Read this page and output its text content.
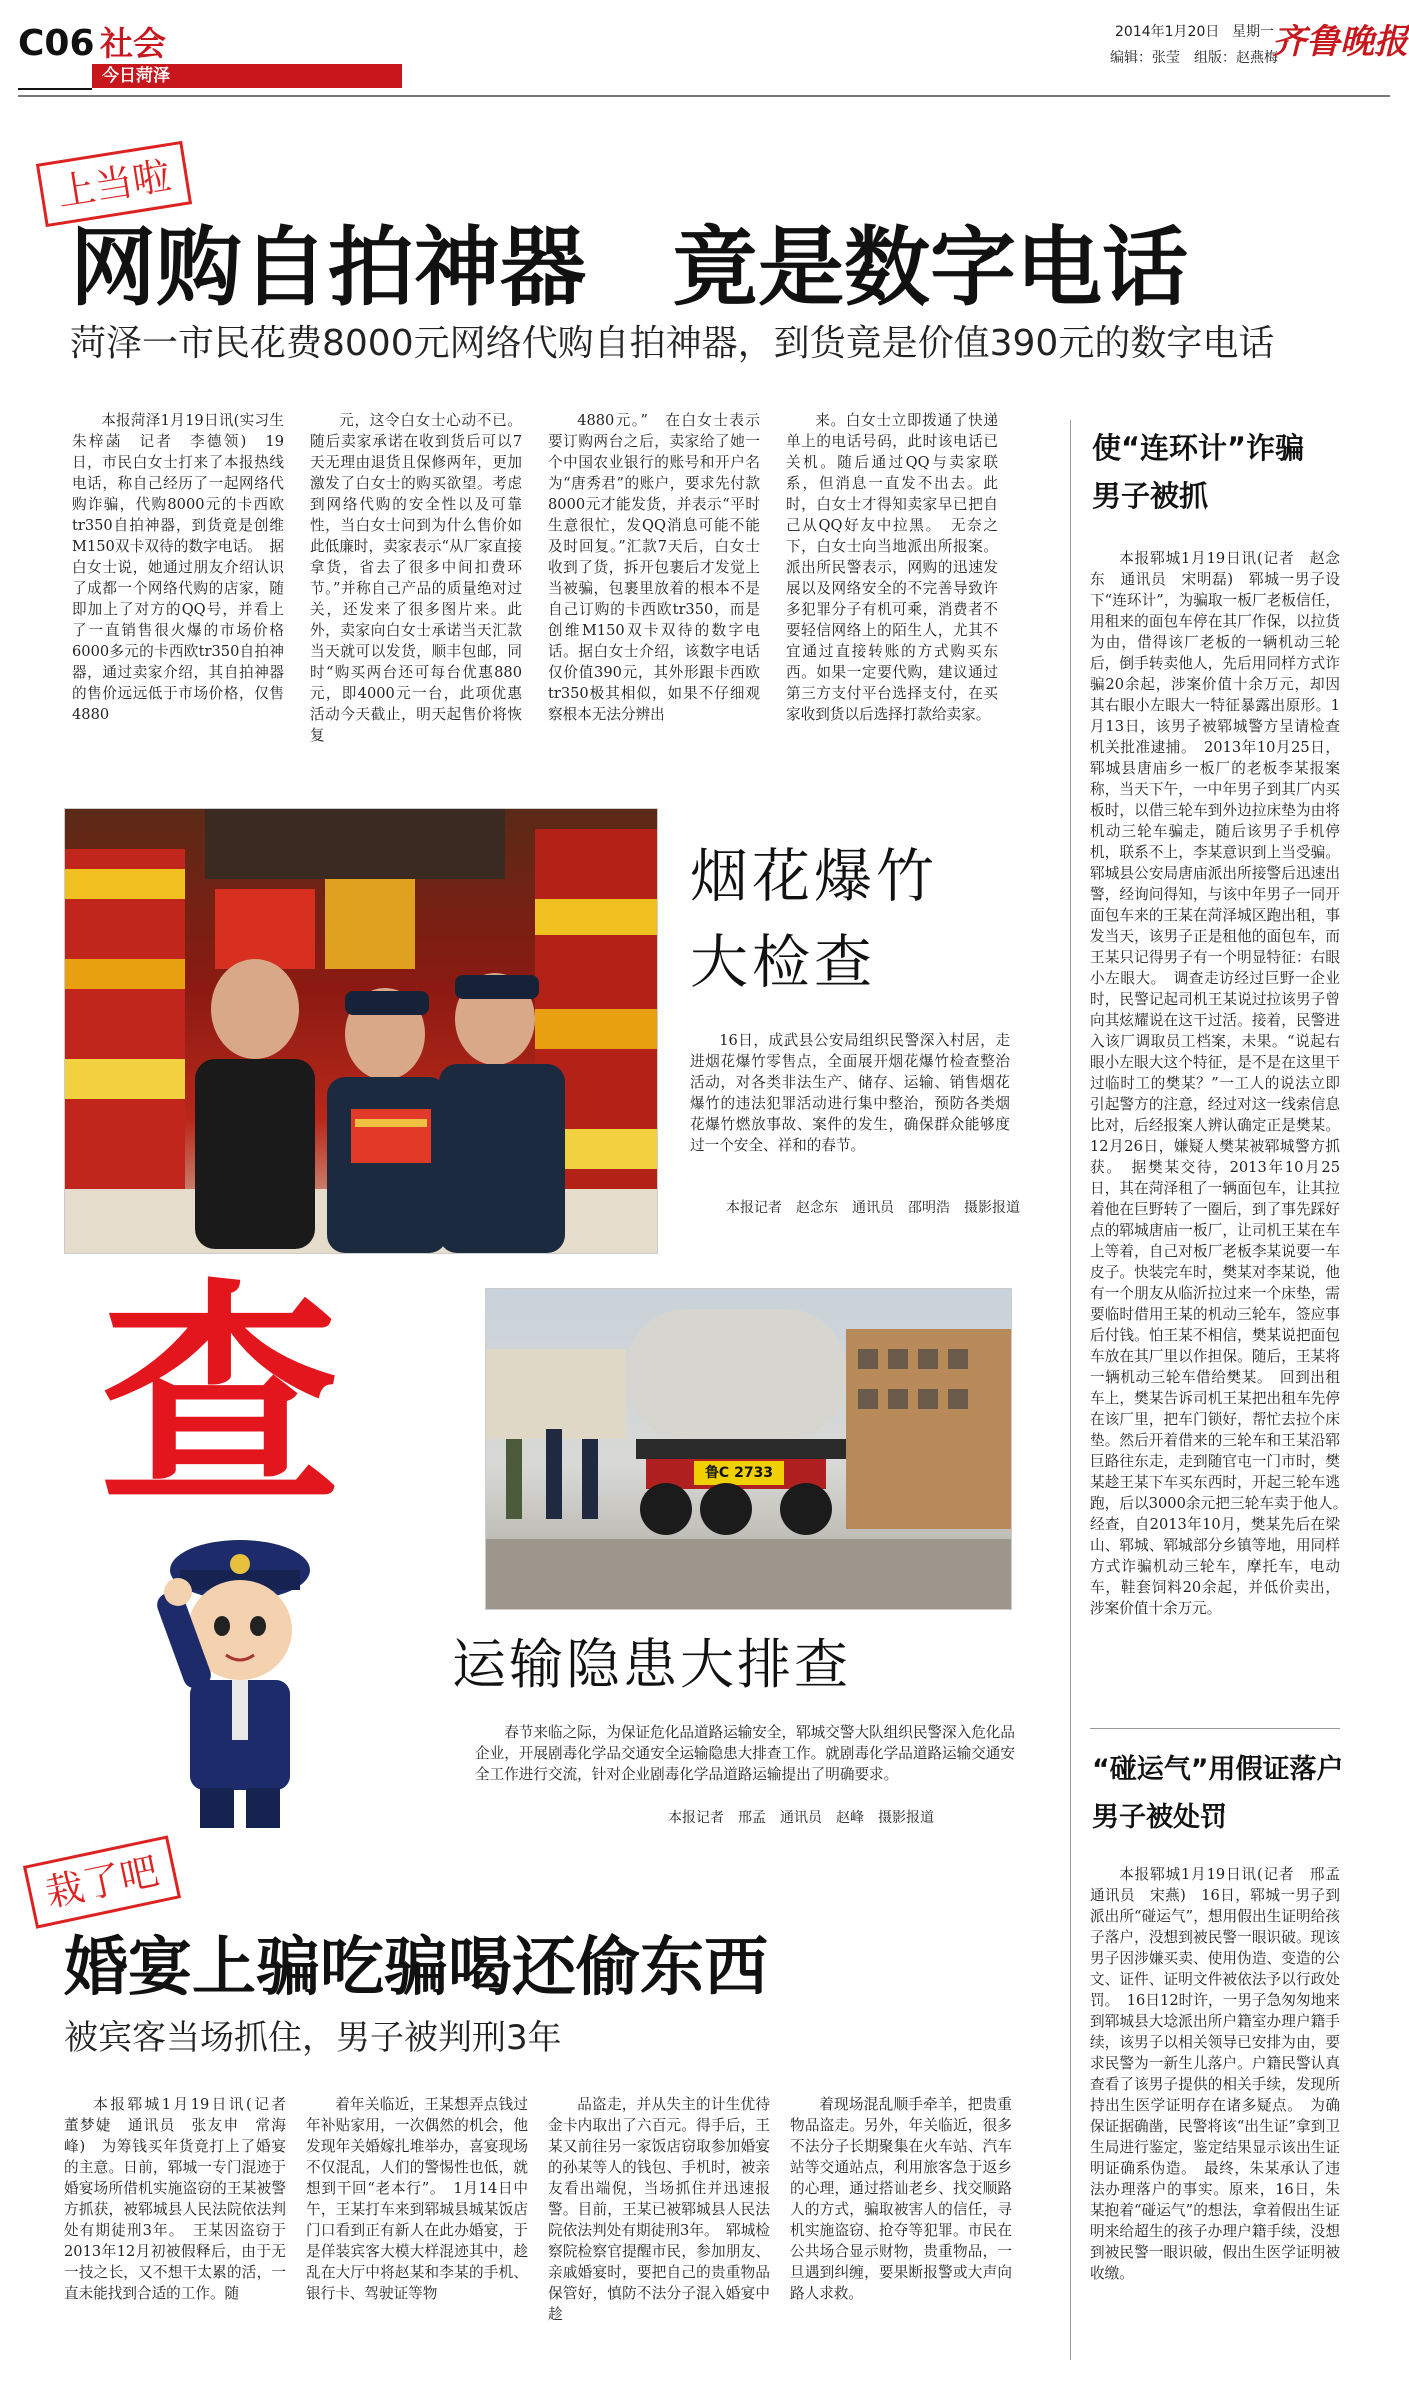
C06 社会
今日菏泽
2014年1月20日 星期一
编辑：张莹　组版：赵燕梅
齐鲁晚报
上当啦
网购自拍神器　竟是数字电话
菏泽一市民花费8000元网络代购自拍神器，到货竟是价值390元的数字电话

本报菏泽1月19日讯(实习生　朱梓菡　记者　李德领)　19日，市民白女士打来了本报热线电话，称自己经历了一起网络代购诈骗，代购8000元的卡西欧tr350自拍神器，到货竟是创维M150双卡双待的数字电话。　据白女士说，她通过朋友介绍认识了成都一个网络代购的店家，随即加上了对方的QQ号，并看上了一直销售很火爆的市场价格6000多元的卡西欧tr350自拍神器，通过卖家介绍，其自拍神器的售价远远低于市场价格，仅售4880

元，这令白女士心动不已。随后卖家承诺在收到货后可以7天无理由退货且保修两年，更加激发了白女士的购买欲望。考虑到网络代购的安全性以及可靠性，当白女士问到为什么售价如此低廉时，卖家表示“从厂家直接拿货，省去了很多中间扣费环节。”并称自己产品的质量绝对过关，还发来了很多图片来。此外，卖家向白女士承诺当天汇款当天就可以发货，顺丰包邮，同时“购买两台还可每台优惠880元，即4000元一台，此项优惠活动今天截止，明天起售价将恢复

4880元。”　在白女士表示要订购两台之后，卖家给了她一个中国农业银行的账号和开户名为“唐秀君”的账户，要求先付款8000元才能发货，并表示“平时生意很忙，发QQ消息可能不能及时回复。”汇款7天后，白女士收到了货，拆开包裹后才发觉上当被骗，包裹里放着的根本不是自己订购的卡西欧tr350，而是创维M150双卡双待的数字电话。据白女士介绍，该数字电话仅价值390元，其外形跟卡西欧tr350极其相似，如果不仔细观察根本无法分辨出

来。白女士立即拨通了快递单上的电话号码，此时该电话已关机。随后通过QQ与卖家联系，但消息一直发不出去。此时，白女士才得知卖家早已把自己从QQ好友中拉黑。　无奈之下，白女士向当地派出所报案。派出所民警表示，网购的迅速发展以及网络安全的不完善导致许多犯罪分子有机可乘，消费者不要轻信网络上的陌生人，尤其不宜通过直接转账的方式购买东西。如果一定要代购，建议通过第三方支付平台选择支付，在买家收到货以后选择打款给卖家。

烟花爆竹
大检查

16日，成武县公安局组织民警深入村居，走进烟花爆竹零售点，全面展开烟花爆竹检查整治活动，对各类非法生产、储存、运输、销售烟花爆竹的违法犯罪活动进行集中整治，预防各类烟花爆竹燃放事故、案件的发生，确保群众能够度过一个安全、祥和的春节。

本报记者　赵念东　通讯员　邵明浩　摄影报道
查	鲁C 2733
运输隐患大排查

春节来临之际，为保证危化品道路运输安全，郓城交警大队组织民警深入危化品企业，开展剧毒化学品交通安全运输隐患大排查工作。就剧毒化学品道路运输交通安全工作进行交流，针对企业剧毒化学品道路运输提出了明确要求。

本报记者　邢孟　通讯员　赵峰　摄影报道
栽了吧
婚宴上骗吃骗喝还偷东西
被宾客当场抓住，男子被判刑3年

本报郓城1月19日讯(记者　董梦婕　通讯员　张友申　常海峰)　为筹钱买年货竟打上了婚宴的主意。日前，郓城一专门混迹于婚宴场所借机实施盗窃的王某被警方抓获，被郓城县人民法院依法判处有期徒刑3年。　王某因盗窃于2013年12月初被假释后，由于无一技之长，又不想干太累的活，一直未能找到合适的工作。随

着年关临近，王某想弄点钱过年补贴家用，一次偶然的机会，他发现年关婚嫁扎堆举办，喜宴现场不仅混乱，人们的警惕性也低，就想到干回“老本行”。　1月14日中午，王某打车来到郓城县城某饭店门口看到正有新人在此办婚宴，于是佯装宾客大模大样混迹其中，趁乱在大厅中将赵某和李某的手机、银行卡、驾驶证等物

品盗走，并从失主的计生优待金卡内取出了六百元。得手后，王某又前往另一家饭店窃取参加婚宴的孙某等人的钱包、手机时，被亲友看出端倪，当场抓住并迅速报警。目前，王某已被郓城县人民法院依法判处有期徒刑3年。　郓城检察院检察官提醒市民，参加朋友、亲戚婚宴时，要把自己的贵重物品保管好，慎防不法分子混入婚宴中趁

着现场混乱顺手牵羊，把贵重物品盗走。另外，年关临近，很多不法分子长期聚集在火车站、汽车站等交通站点，利用旅客急于返乡的心理，通过搭讪老乡、找交顺路人的方式，骗取被害人的信任，寻机实施盗窃、抢夺等犯罪。市民在公共场合显示财物，贵重物品，一旦遇到纠缠，要果断报警或大声向路人求救。

使“连环计”诈骗
男子被抓

本报郓城1月19日讯(记者　赵念东　通讯员　宋明磊)　郓城一男子设下“连环计”，为骗取一板厂老板信任，用租来的面包车停在其厂作保，以拉货为由，借得该厂老板的一辆机动三轮后，倒手转卖他人，先后用同样方式诈骗20余起，涉案价值十余万元，却因其右眼小左眼大一特征暴露出原形。1月13日，该男子被郓城警方呈请检查机关批准逮捕。　2013年10月25日，郓城县唐庙乡一板厂的老板李某报案称，当天下午，一中年男子到其厂内买板时，以借三轮车到外边拉床垫为由将机动三轮车骗走，随后该男子手机停机，联系不上，李某意识到上当受骗。郓城县公安局唐庙派出所接警后迅速出警，经询问得知，与该中年男子一同开面包车来的王某在菏泽城区跑出租，事发当天，该男子正是租他的面包车，而王某只记得男子有一个明显特征：右眼小左眼大。　调查走访经过巨野一企业时，民警记起司机王某说过拉该男子曾向其炫耀说在这干过活。接着，民警进入该厂调取员工档案，未果。“说起右眼小左眼大这个特征，是不是在这里干过临时工的樊某？”一工人的说法立即引起警方的注意，经过对这一线索信息比对，后经报案人辨认确定正是樊某。12月26日，嫌疑人樊某被郓城警方抓获。　据樊某交待，2013年10月25日，其在菏泽租了一辆面包车，让其拉着他在巨野转了一圈后，到了事先踩好点的郓城唐庙一板厂，让司机王某在车上等着，自己对板厂老板李某说要一车皮子。快装完车时，樊某对李某说，他有一个朋友从临沂拉过来一个床垫，需要临时借用王某的机动三轮车，签应事后付钱。怕王某不相信，樊某说把面包车放在其厂里以作担保。随后，王某将一辆机动三轮车借给樊某。　回到出租车上，樊某告诉司机王某把出租车先停在该厂里，把车门锁好，帮忙去拉个床垫。然后开着借来的三轮车和王某沿郓巨路往东走，走到随官屯一门市时，樊某趁王某下车买东西时，开起三轮车逃跑，后以3000余元把三轮车卖于他人。　经查，自2013年10月，樊某先后在梁山、郓城、郓城部分乡镇等地，用同样方式诈骗机动三轮车，摩托车，电动车，鞋套饲料20余起，并低价卖出，涉案价值十余万元。

“碰运气”用假证落户
男子被处罚

本报郓城1月19日讯(记者　邢孟　通讯员　宋燕)　16日，郓城一男子到派出所“碰运气”，想用假出生证明给孩子落户，没想到被民警一眼识破。现该男子因涉嫌买卖、使用伪造、变造的公文、证件、证明文件被依法予以行政处罚。　16日12时许，一男子急匆匆地来到郓城县大埝派出所户籍室办理户籍手续，该男子以相关领导已安排为由，要求民警为一新生儿落户。户籍民警认真查看了该男子提供的相关手续，发现所持出生医学证明存在诸多疑点。　为确保证据确凿，民警将该“出生证”拿到卫生局进行鉴定，鉴定结果显示该出生证明证确系伪造。　最终，朱某承认了违法办理落户的事实。原来，16日，朱某抱着“碰运气”的想法，拿着假出生证明来给超生的孩子办理户籍手续，没想到被民警一眼识破，假出生医学证明被收缴。
